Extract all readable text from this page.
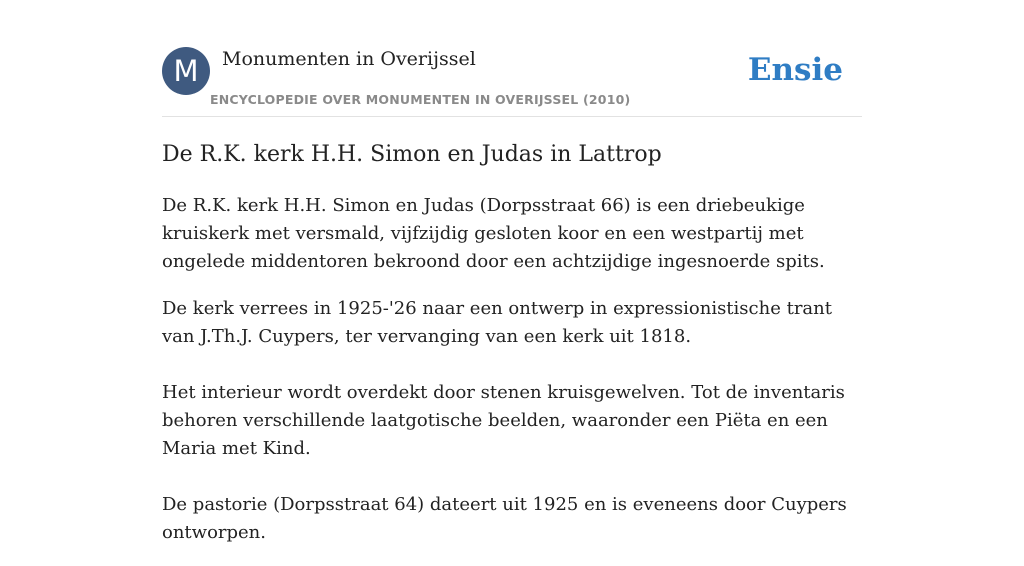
M	Monumenten in Overijssel
ENCYCLOPEDIE OVER MONUMENTEN IN OVERIJSSEL (2010)
Ensie
De R.K. kerk H.H. Simon en Judas in Lattrop

De R.K. kerk H.H. Simon en Judas (Dorpsstraat 66) is een driebeukige kruiskerk met versmald, vijfzijdig gesloten koor en een westpartij met ongelede middentoren bekroond door een achtzijdige ingesnoerde spits.

De kerk verrees in 1925-'26 naar een ontwerp in expressionistische trant van J.Th.J. Cuypers, ter vervanging van een kerk uit 1818.

Het interieur wordt overdekt door stenen kruisgewelven. Tot de inventaris behoren verschillende laatgotische beelden, waaronder een Piëta en een Maria met Kind.

De pastorie (Dorpsstraat 64) dateert uit 1925 en is eveneens door Cuypers ontworpen.
